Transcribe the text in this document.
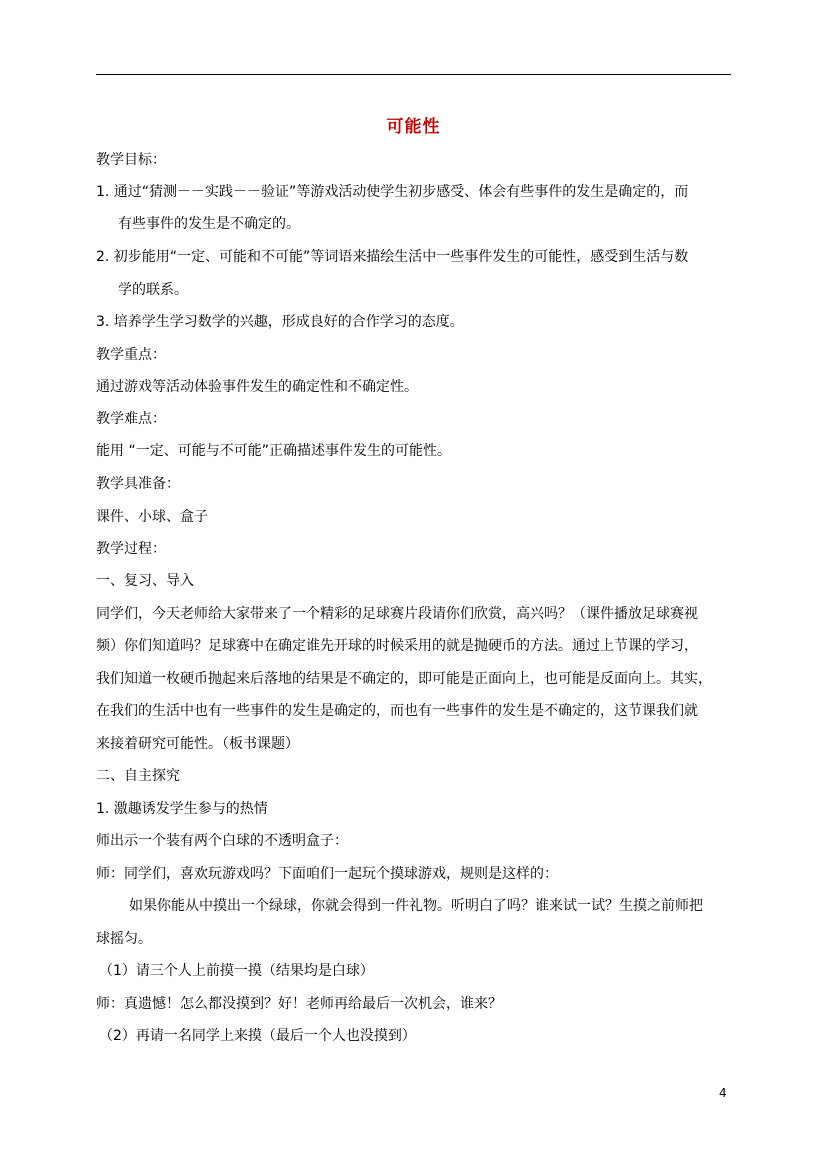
可能性
教学目标：
1. 通过“猜测－－实践－－验证”等游戏活动使学生初步感受、体会有些事件的发生是确定的，而
有些事件的发生是不确定的。
2. 初步能用“一定、可能和不可能”等词语来描绘生活中一些事件发生的可能性，感受到生活与数
学的联系。
3. 培养学生学习数学的兴趣，形成良好的合作学习的态度。
教学重点：
通过游戏等活动体验事件发生的确定性和不确定性。
教学难点：
能用 “一定、可能与不可能”正确描述事件发生的可能性。
教学具准备：
课件、小球、盒子
教学过程：
一、复习、导入
同学们，今天老师给大家带来了一个精彩的足球赛片段请你们欣赏，高兴吗？（课件播放足球赛视
频）你们知道吗？足球赛中在确定谁先开球的时候采用的就是抛硬币的方法。通过上节课的学习，
我们知道一枚硬币抛起来后落地的结果是不确定的，即可能是正面向上，也可能是反面向上。其实，
在我们的生活中也有一些事件的发生是确定的，而也有一些事件的发生是不确定的，这节课我们就
来接着研究可能性。（板书课题）
二、自主探究
1. 激趣诱发学生参与的热情
师出示一个装有两个白球的不透明盒子：
师：同学们，喜欢玩游戏吗？下面咱们一起玩个摸球游戏，规则是这样的：
如果你能从中摸出一个绿球，你就会得到一件礼物。听明白了吗？谁来试一试？生摸之前师把
球摇匀。
（1）请三个人上前摸一摸（结果均是白球）
师：真遗憾！怎么都没摸到？好！老师再给最后一次机会，谁来？
（2）再请一名同学上来摸（最后一个人也没摸到）
4
